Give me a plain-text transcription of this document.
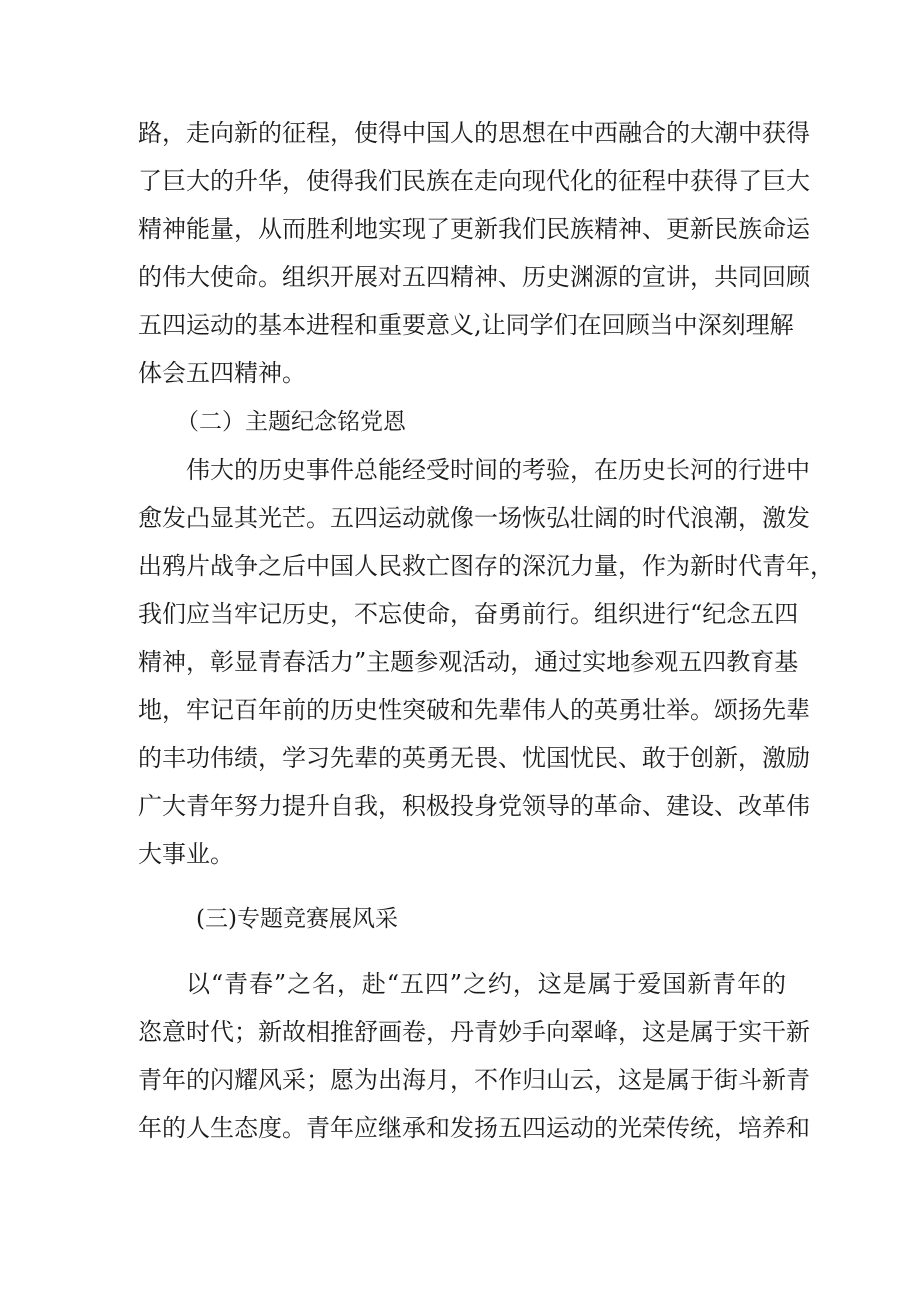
路，走向新的征程，使得中国人的思想在中西融合的大潮中获得
了巨大的升华，使得我们民族在走向现代化的征程中获得了巨大
精神能量，从而胜利地实现了更新我们民族精神、更新民族命运
的伟大使命。组织开展对五四精神、历史渊源的宣讲，共同回顾
五四运动的基本进程和重要意义,让同学们在回顾当中深刻理解
体会五四精神。
（二）主题纪念铭党恩
伟大的历史事件总能经受时间的考验，在历史长河的行进中
愈发凸显其光芒。五四运动就像一场恢弘壮阔的时代浪潮，激发
出鸦片战争之后中国人民救亡图存的深沉力量，作为新时代青年，
我们应当牢记历史，不忘使命，奋勇前行。组织进行“纪念五四
精神，彰显青春活力”主题参观活动，通过实地参观五四教育基
地，牢记百年前的历史性突破和先辈伟人的英勇壮举。颂扬先辈
的丰功伟绩，学习先辈的英勇无畏、忧国忧民、敢于创新，激励
广大青年努力提升自我，积极投身党领导的革命、建设、改革伟
大事业。
(三)专题竞赛展风采
以“青春”之名，赴“五四”之约，这是属于爱国新青年的
恣意时代；新故相推舒画卷，丹青妙手向翠峰，这是属于实干新
青年的闪耀风采；愿为出海月，不作归山云，这是属于街斗新青
年的人生态度。青年应继承和发扬五四运动的光荣传统，培养和
